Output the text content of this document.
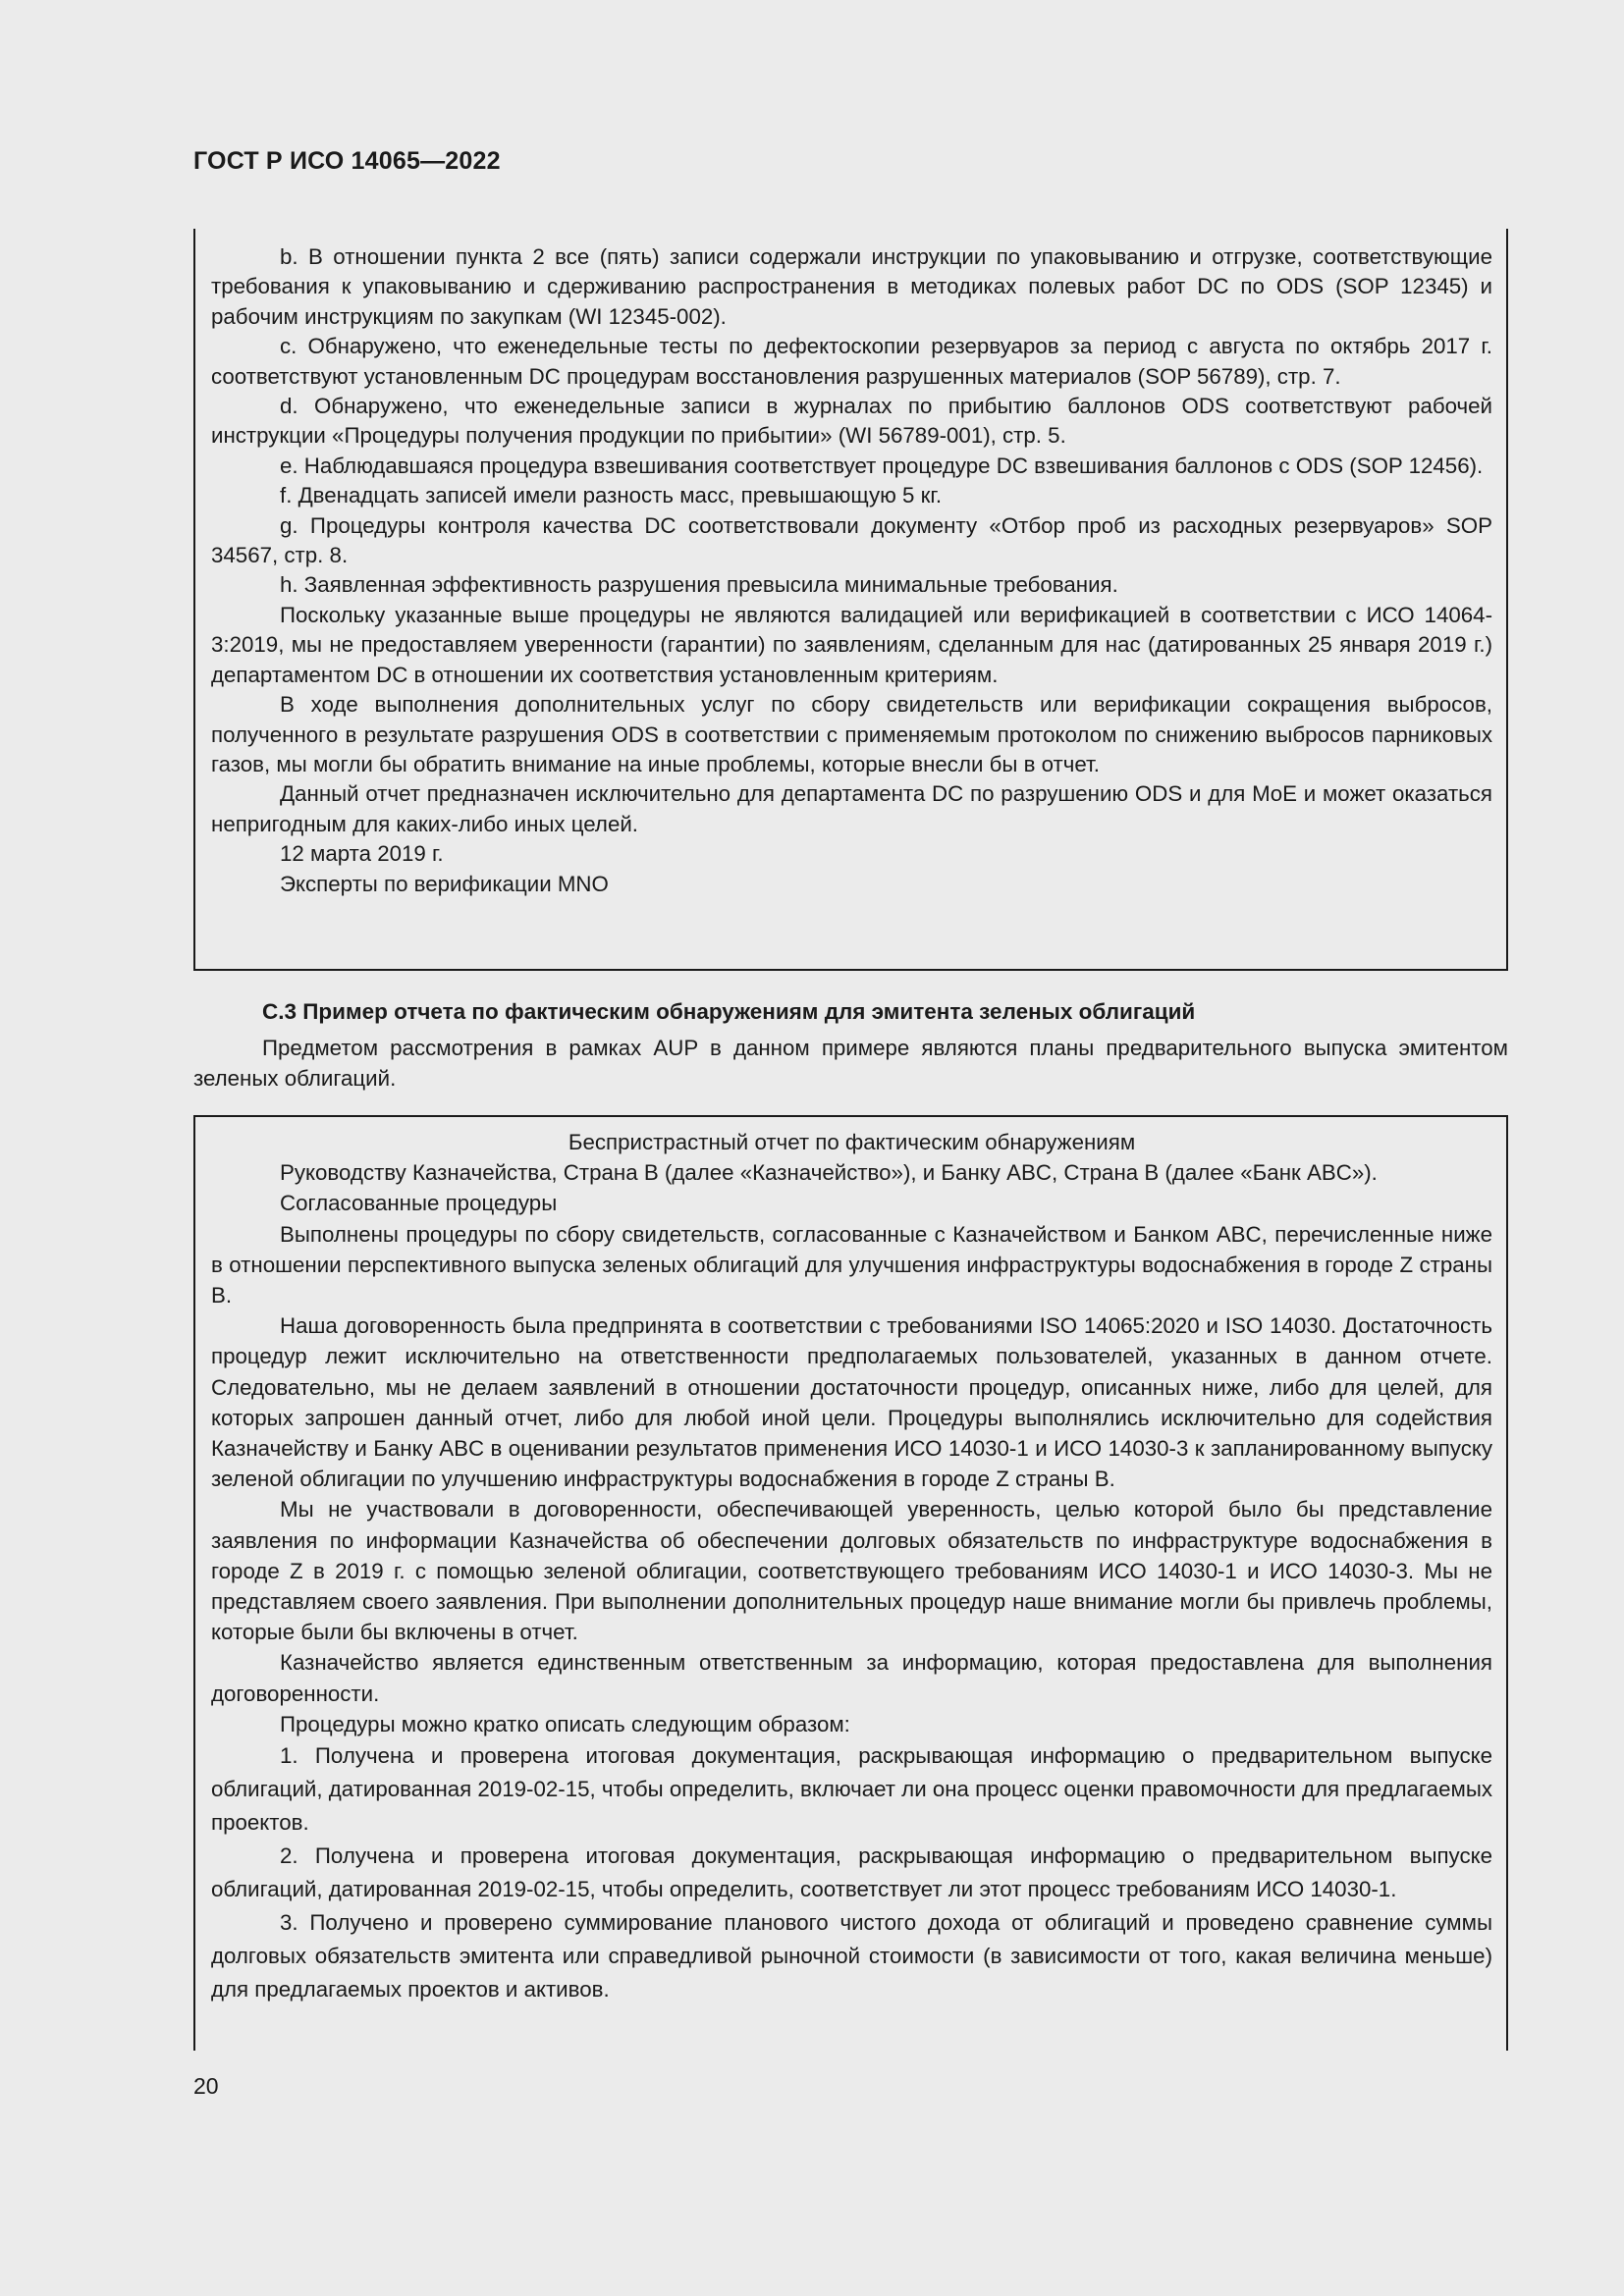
ГОСТ Р ИСО 14065—2022

b. В отношении пункта 2 все (пять) записи содержали инструкции по упаковыванию и отгрузке, соответствующие требования к упаковыванию и сдерживанию распространения в методиках полевых работ DC по ODS (SOP 12345) и рабочим инструкциям по закупкам (WI 12345-002).

c. Обнаружено, что еженедельные тесты по дефектоскопии резервуаров за период с августа по октябрь 2017 г. соответствуют установленным DC процедурам восстановления разрушенных материалов (SOP 56789), стр. 7.

d. Обнаружено, что еженедельные записи в журналах по прибытию баллонов ODS соответствуют рабочей инструкции «Процедуры получения продукции по прибытии» (WI 56789-001), стр. 5.

e. Наблюдавшаяся процедура взвешивания соответствует процедуре DC взвешивания баллонов с ODS (SOP 12456).

f. Двенадцать записей имели разность масс, превышающую 5 кг.

g. Процедуры контроля качества DC соответствовали документу «Отбор проб из расходных резервуаров» SOP 34567, стр. 8.

h. Заявленная эффективность разрушения превысила минимальные требования.

Поскольку указанные выше процедуры не являются валидацией или верификацией в соответствии с ИСО 14064-3:2019, мы не предоставляем уверенности (гарантии) по заявлениям, сделанным для нас (датированных 25 января 2019 г.) департаментом DC в отношении их соответствия установленным критериям.

В ходе выполнения дополнительных услуг по сбору свидетельств или верификации сокращения выбросов, полученного в результате разрушения ODS в соответствии с применяемым протоколом по снижению выбросов парниковых газов, мы могли бы обратить внимание на иные проблемы, которые внесли бы в отчет.

Данный отчет предназначен исключительно для департамента DC по разрушению ODS и для MoE и может оказаться непригодным для каких-либо иных целей.

12 марта 2019 г.

Эксперты по верификации MNO

С.3 Пример отчета по фактическим обнаружениям для эмитента зеленых облигаций

Предметом рассмотрения в рамках AUP в данном примере являются планы предварительного выпуска эмитентом зеленых облигаций.

Беспристрастный отчет по фактическим обнаружениям

Руководству Казначейства, Страна В (далее «Казначейство»), и Банку ABC, Страна В (далее «Банк ABC»).

Согласованные процедуры

Выполнены процедуры по сбору свидетельств, согласованные с Казначейством и Банком ABC, перечисленные ниже в отношении перспективного выпуска зеленых облигаций для улучшения инфраструктуры водоснабжения в городе Z страны B.

Наша договоренность была предпринята в соответствии с требованиями ISO 14065:2020 и ISO 14030. Достаточность процедур лежит исключительно на ответственности предполагаемых пользователей, указанных в данном отчете. Следовательно, мы не делаем заявлений в отношении достаточности процедур, описанных ниже, либо для целей, для которых запрошен данный отчет, либо для любой иной цели. Процедуры выполнялись исключительно для содействия Казначейству и Банку ABC в оценивании результатов применения ИСО 14030-1 и ИСО 14030-3 к запланированному выпуску зеленой облигации по улучшению инфраструктуры водоснабжения в городе Z страны B.

Мы не участвовали в договоренности, обеспечивающей уверенность, целью которой было бы представление заявления по информации Казначейства об обеспечении долговых обязательств по инфраструктуре водоснабжения в городе Z в 2019 г. с помощью зеленой облигации, соответствующего требованиям ИСО 14030-1 и ИСО 14030-3. Мы не представляем своего заявления. При выполнении дополнительных процедур наше внимание могли бы привлечь проблемы, которые были бы включены в отчет.

Казначейство является единственным ответственным за информацию, которая предоставлена для выполнения договоренности.

Процедуры можно кратко описать следующим образом:

1. Получена и проверена итоговая документация, раскрывающая информацию о предварительном выпуске облигаций, датированная 2019-02-15, чтобы определить, включает ли она процесс оценки правомочности для предлагаемых проектов.

2. Получена и проверена итоговая документация, раскрывающая информацию о предварительном выпуске облигаций, датированная 2019-02-15, чтобы определить, соответствует ли этот процесс требованиям ИСО 14030-1.

3. Получено и проверено суммирование планового чистого дохода от облигаций и проведено сравнение суммы долговых обязательств эмитента или справедливой рыночной стоимости (в зависимости от того, какая величина меньше) для предлагаемых проектов и активов.

20
